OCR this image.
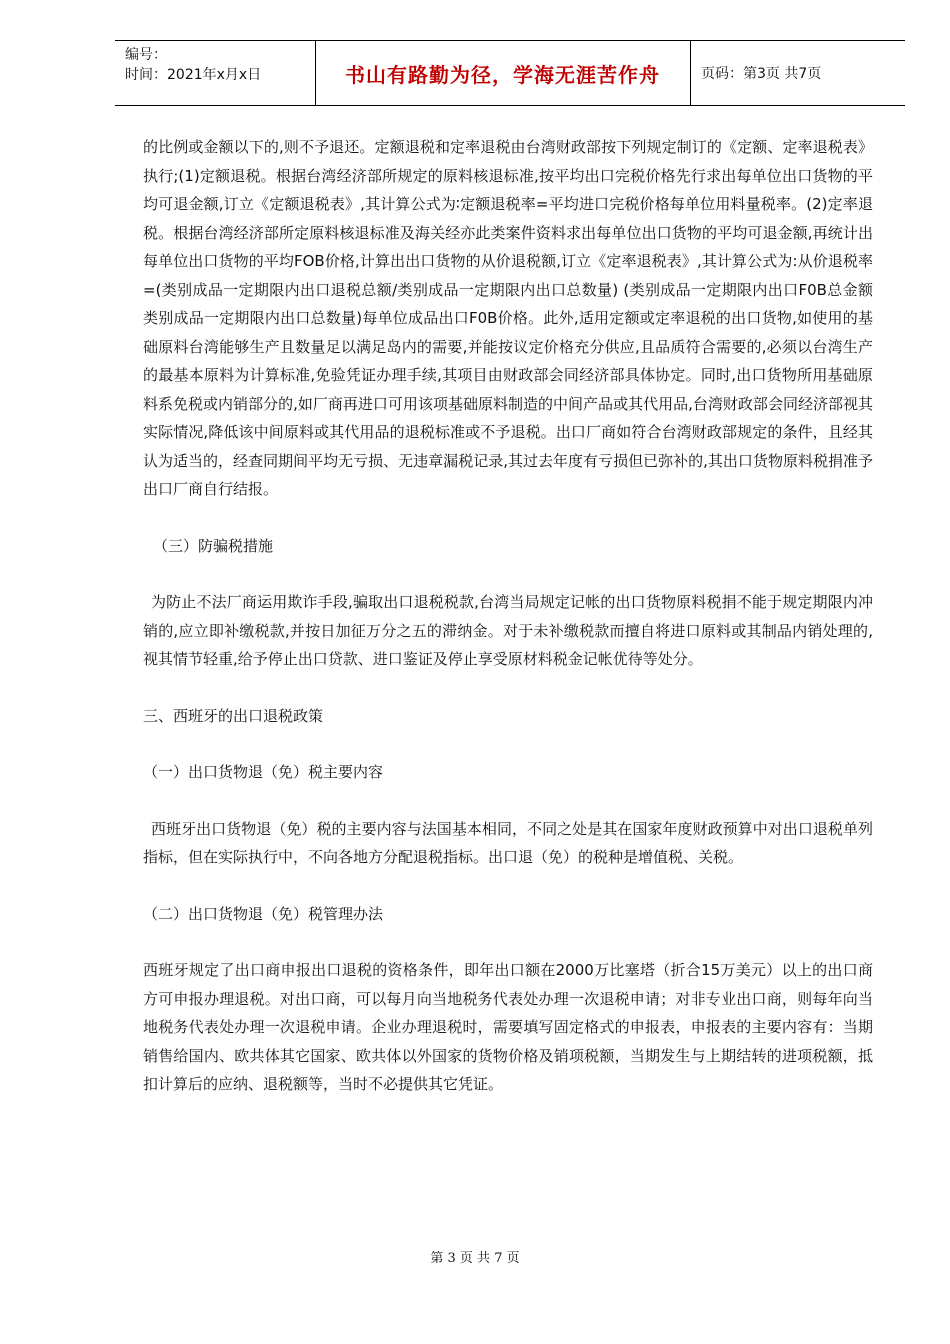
编号：
时间：2021年x月x日	书山有路勤为径，学海无涯苦作舟	页码：第3页 共7页

的比例或金额以下的,则不予退还。定额退税和定率退税由台湾财政部按下列规定制订的《定额、定率退税表》执行;(1)定额退税。根据台湾经济部所规定的原料核退标准,按平均出口完税价格先行求出每单位出口货物的平均可退金额,订立《定额退税表》,其计算公式为∶定额退税率=平均进口完税价格每单位用料量税率。(2)定率退税。根据台湾经济部所定原料核退标准及海关经亦此类案件资料求出每单位出口货物的平均可退金额,再统计出每单位出口货物的平均FOB价格,计算出出口货物的从价退税额,订立《定率退税表》,其计算公式为:从价退税率=(类别成品一定期限内出口退税总额/类别成品一定期限内出口总数量) (类别成品一定期限内出口F0B总金额　类别成品一定期限内出口总数量)每单位成品出口F0B价格。此外,适用定额或定率退税的出口货物,如使用的基础原料台湾能够生产且数量足以满足岛内的需要,并能按议定价格充分供应,且品质符合需要的,必须以台湾生产的最基本原料为计算标准,免验凭证办理手续,其项目由财政部会同经济部具体协定。同时,出口货物所用基础原料系免税或内销部分的,如厂商再进口可用该项基础原料制造的中间产品或其代用品,台湾财政部会同经济部视其实际情况,降低该中间原料或其代用品的退税标准或不予退税。出口厂商如符合台湾财政部规定的条件，且经其认为适当的，经查同期间平均无亏损、无违章漏税记录,其过去年度有亏损但已弥补的,其出口货物原料税捐准予出口厂商自行结报。

（三）防骗税措施

为防止不法厂商运用欺诈手段,骗取出口退税税款,台湾当局规定记帐的出口货物原料税捐不能于规定期限内冲销的,应立即补缴税款,并按日加征万分之五的滞纳金。对于未补缴税款而擅自将进口原料或其制品内销处理的,视其情节轻重,给予停止出口贷款、进口鉴证及停止享受原材料税金记帐优待等处分。

三、西班牙的出口退税政策

（一）出口货物退（免）税主要内容

西班牙出口货物退（免）税的主要内容与法国基本相同，不同之处是其在国家年度财政预算中对出口退税单列指标，但在实际执行中，不向各地方分配退税指标。出口退（免）的税种是增值税、关税。

（二）出口货物退（免）税管理办法

西班牙规定了出口商申报出口退税的资格条件，即年出口额在2000万比塞塔（折合15万美元）以上的出口商方可申报办理退税。对出口商，可以每月向当地税务代表处办理一次退税申请；对非专业出口商，则每年向当地税务代表处办理一次退税申请。企业办理退税时，需要填写固定格式的申报表，申报表的主要内容有：当期销售给国内、欧共体其它国家、欧共体以外国家的货物价格及销项税额，当期发生与上期结转的进项税额，抵扣计算后的应纳、退税额等，当时不必提供其它凭证。

第 3 页 共 7 页
